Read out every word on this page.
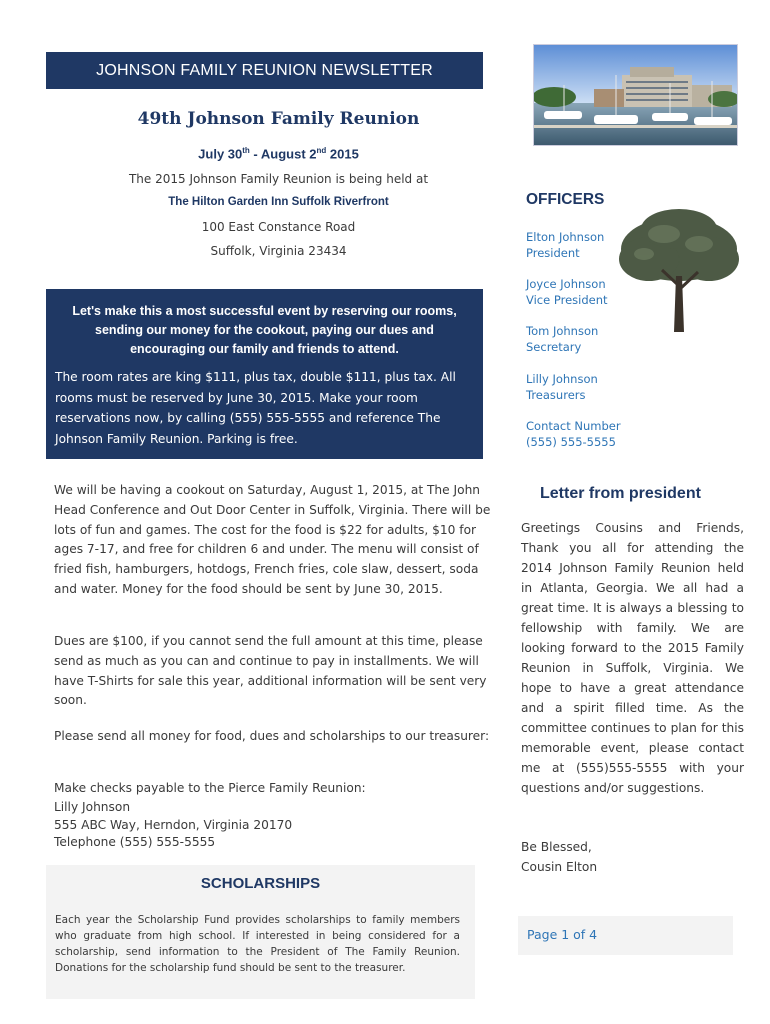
JOHNSON FAMILY REUNION NEWSLETTER
49th Johnson Family Reunion
July 30th - August 2nd 2015
The 2015 Johnson Family Reunion is being held at
The Hilton Garden Inn Suffolk Riverfront
100 East Constance Road
Suffolk, Virginia 23434
Let's make this a most successful event by reserving our rooms, sending our money for the cookout, paying our dues and encouraging our family and friends to attend.
The room rates are king $111, plus tax, double $111, plus tax. All rooms must be reserved by June 30, 2015. Make your room reservations now, by calling (555) 555-5555 and reference The Johnson Family Reunion. Parking is free.
We will be having a cookout on Saturday, August 1, 2015, at The John Head Conference and Out Door Center in Suffolk, Virginia. There will be lots of fun and games. The cost for the food is $22 for adults, $10 for ages 7-17, and free for children 6 and under. The menu will consist of fried fish, hamburgers, hotdogs, French fries, cole slaw, dessert, soda and water. Money for the food should be sent by June 30, 2015.
Dues are $100, if you cannot send the full amount at this time, please send as much as you can and continue to pay in installments. We will have T-Shirts for sale this year, additional information will be sent very soon.
Please send all money for food, dues and scholarships to our treasurer:
Make checks payable to the Pierce Family Reunion:
Lilly Johnson
555 ABC Way, Herndon, Virginia 20170
Telephone (555) 555-5555
SCHOLARSHIPS
Each year the Scholarship Fund provides scholarships to family members who graduate from high school. If interested in being considered for a scholarship, send information to the President of The Family Reunion. Donations for the scholarship fund should be sent to the treasurer.
OFFICERS
Elton Johnson
President
Joyce Johnson
Vice President
Tom Johnson
Secretary
Lilly Johnson
Treasurers
Contact Number
(555) 555-5555
Letter from president
Greetings Cousins and Friends, Thank you all for attending the 2014 Johnson Family Reunion held in Atlanta, Georgia. We all had a great time. It is always a blessing to fellowship with family. We are looking forward to the 2015 Family Reunion in Suffolk, Virginia. We hope to have a great attendance and a spirit filled time. As the committee continues to plan for this memorable event, please contact me at (555)555-5555 with your questions and/or suggestions.
Be Blessed,
Cousin Elton
Page 1 of 4
